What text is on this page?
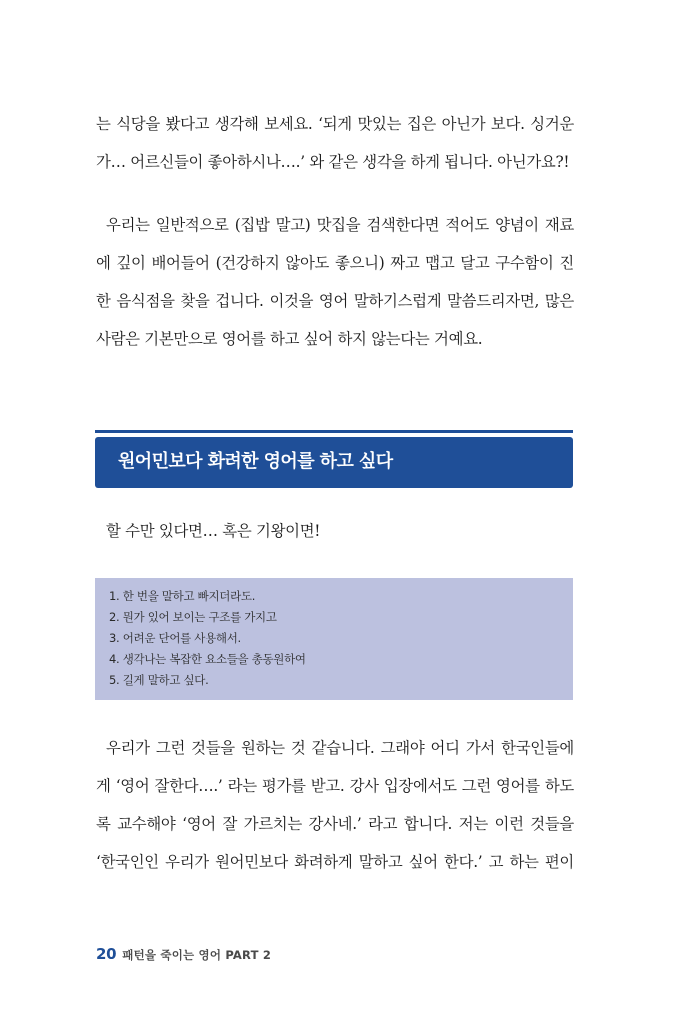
는 식당을 봤다고 생각해 보세요. ‘되게 맛있는 집은 아닌가 보다. 싱거운
가… 어르신들이 좋아하시나….’ 와 같은 생각을 하게 됩니다. 아닌가요?!
우리는 일반적으로 (집밥 말고) 맛집을 검색한다면 적어도 양념이 재료
에 깊이 배어들어 (건강하지 않아도 좋으니) 짜고 맵고 달고 구수함이 진
한 음식점을 찾을 겁니다. 이것을 영어 말하기스럽게 말씀드리자면, 많은
사람은 기본만으로 영어를 하고 싶어 하지 않는다는 거예요.
원어민보다 화려한 영어를 하고 싶다
할 수만 있다면… 혹은 기왕이면!
1. 한 번을 말하고 빠지더라도.
2. 뭔가 있어 보이는 구조를 가지고
3. 어려운 단어를 사용해서.
4. 생각나는 복잡한 요소들을 총동원하여
5. 길게 말하고 싶다.
우리가 그런 것들을 원하는 것 같습니다. 그래야 어디 가서 한국인들에
게 ‘영어 잘한다….’ 라는 평가를 받고. 강사 입장에서도 그런 영어를 하도
록 교수해야 ‘영어 잘 가르치는 강사네.’ 라고 합니다. 저는 이런 것들을
‘한국인인 우리가 원어민보다 화려하게 말하고 싶어 한다.’ 고 하는 편이
20 패턴을 죽이는 영어 PART 2
